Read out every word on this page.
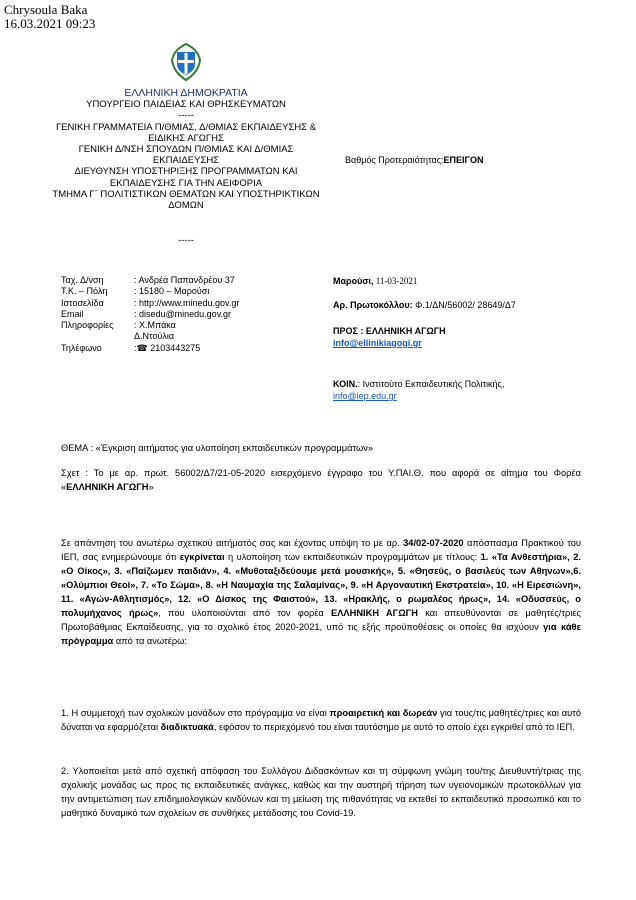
Chrysoula Baka
16.03.2021 09:23
ΕΛΛΗΝΙΚΗ ΔΗΜΟΚΡΑΤΙΑ
ΥΠΟΥΡΓΕΙΟ ΠΑΙΔΕΙΑΣ ΚΑΙ ΘΡΗΣΚΕΥΜΑΤΩΝ
-----
ΓΕΝΙΚΗ ΓΡΑΜΜΑΤΕΙΑ Π/ΘΜΙΑΣ, Δ/ΘΜΙΑΣ ΕΚΠΑΙΔΕΥΣΗΣ & ΕΙΔΙΚΗΣ ΑΓΩΓΗΣ
ΓΕΝΙΚΗ Δ/ΝΣΗ ΣΠΟΥΔΩΝ Π/ΘΜΙΑΣ ΚΑΙ Δ/ΘΜΙΑΣ ΕΚΠΑΙΔΕΥΣΗΣ
ΔΙΕΥΘΥΝΣΗ ΥΠΟΣΤΗΡΙΞΗΣ ΠΡΟΓΡΑΜΜΑΤΩΝ ΚΑΙ ΕΚΠΑΙΔΕΥΣΗΣ ΓΙΑ ΤΗΝ ΑΕΙΦΟΡΙΑ
ΤΜΗΜΑ Γ΄ ΠΟΛΙΤΙΣΤΙΚΩΝ ΘΕΜΑΤΩΝ ΚΑΙ ΥΠΟΣΤΗΡΙΚΤΙΚΩΝ ΔΟΜΩΝ
-----
Βαθμός Προτεραιότητας:ΕΠΕΙΓΟΝ
Ταχ. Δ/νση	: Ανδρέα Παπανδρέου 37
Τ.Κ. – Πόλη	: 15180 – Μαρούσι
Ιστοσελίδα	: http://www.minedu.gov.gr
Email	: disedu@minedu.gov.gr
Πληροφορίες : Χ.Μπάκα
Δ.Ντούλια
Τηλέφωνο	:☎ 2103443275
Μαρούσι, 11-03-2021
Αρ. Πρωτοκόλλου: Φ.1/ΔΝ/56002/ 28649/Δ7
ΠΡΟΣ : ΕΛΛΗΝΙΚΗ ΑΓΩΓΗ
info@ellinikiagogi.gr
ΚΟΙΝ.: Ινστιτούτο Εκπαιδευτικής Πολιτικής,
info@iep.edu.gr
ΘΕΜΑ : «Έγκριση αιτήματος για υλοποίηση εκπαιδευτικών προγραμμάτων»
Σχετ : Το με αρ. πρωτ. 56002/Δ7/21-05-2020 εισερχόμενο έγγραφο του Υ.ΠΑΙ.Θ. που αφορά σε αίτημα του Φορέα «ΕΛΛΗΝΙΚΗ ΑΓΩΓΗ»
Σε απάντηση του ανωτέρω σχετικού αιτήματός σας και έχοντας υπόψη το με αρ. 34/02-07-2020 απόσπασμα Πρακτικού του ΙΕΠ, σας ενημερώνουμε ότι εγκρίνεται η υλοποίηση των εκπαιδευτικών προγραμμάτων με τίτλους: 1. «Τα Ανθεστήρια», 2. «Ο Οίκος», 3. «Παίζωμεν παιδιάν», 4. «Μυθοταξιδεύουμε μετά μουσικής», 5. «Θησεύς, ο βασιλεύς των Αθηνων»,6. «Ολύμπιοι Θεοί», 7. «Το Σώμα», 8. «Η Ναυμαχία της Σαλαμίνας», 9. «Η Αργοναυτική Εκστρατεία», 10. «Η Ειρεσιώνη», 11. «Αγών-Αθλητισμός», 12. «Ο Δίσκος της Φαιστού», 13. «Ηρακλής, ο ρωμαλέος ήρως», 14. «Οδυσσεύς, ο πολυμήχανος ήρως», που υλοποιούνται από τον φορέα ΕΛΛΗΝΙΚΗ ΑΓΩΓΗ και απευθύνονται σε μαθητές/τριες Πρωτοβάθμιας Εκπαίδευσης, για το σχολικό έτος 2020-2021, υπό τις εξής προϋποθέσεις οι οποίες θα ισχύουν για κάθε πρόγραμμα από τα ανωτέρω:
1. Η συμμετοχή των σχολικών μονάδων στο πρόγραμμα να είναι προαιρετική και δωρεάν για τους/τις μαθητές/τριες και αυτό δύναται να εφαρμόζεται διαδικτυακά, εφόσον το περιεχόμενό του είναι ταυτόσημο με αυτό το οποίο έχει εγκριθεί από το ΙΕΠ.
2. Υλοποιείται μετά από σχετική απόφαση του Συλλόγου Διδασκόντων και τη σύμφωνη γνώμη του/της Διευθυντή/τριας της σχολικής μονάδας ως προς τις εκπαιδευτικές ανάγκες, καθώς και την αυστηρή τήρηση των υγειονομικών πρωτοκόλλων για την αντιμετώπιση των επιδημιολογικών κινδύνων και τη μείωση της πιθανότητας να εκτεθεί το εκπαιδευτικό προσωπικό και το μαθητικό δυναμικό των σχολείων σε συνθήκες μετάδοσης του Covid-19.
